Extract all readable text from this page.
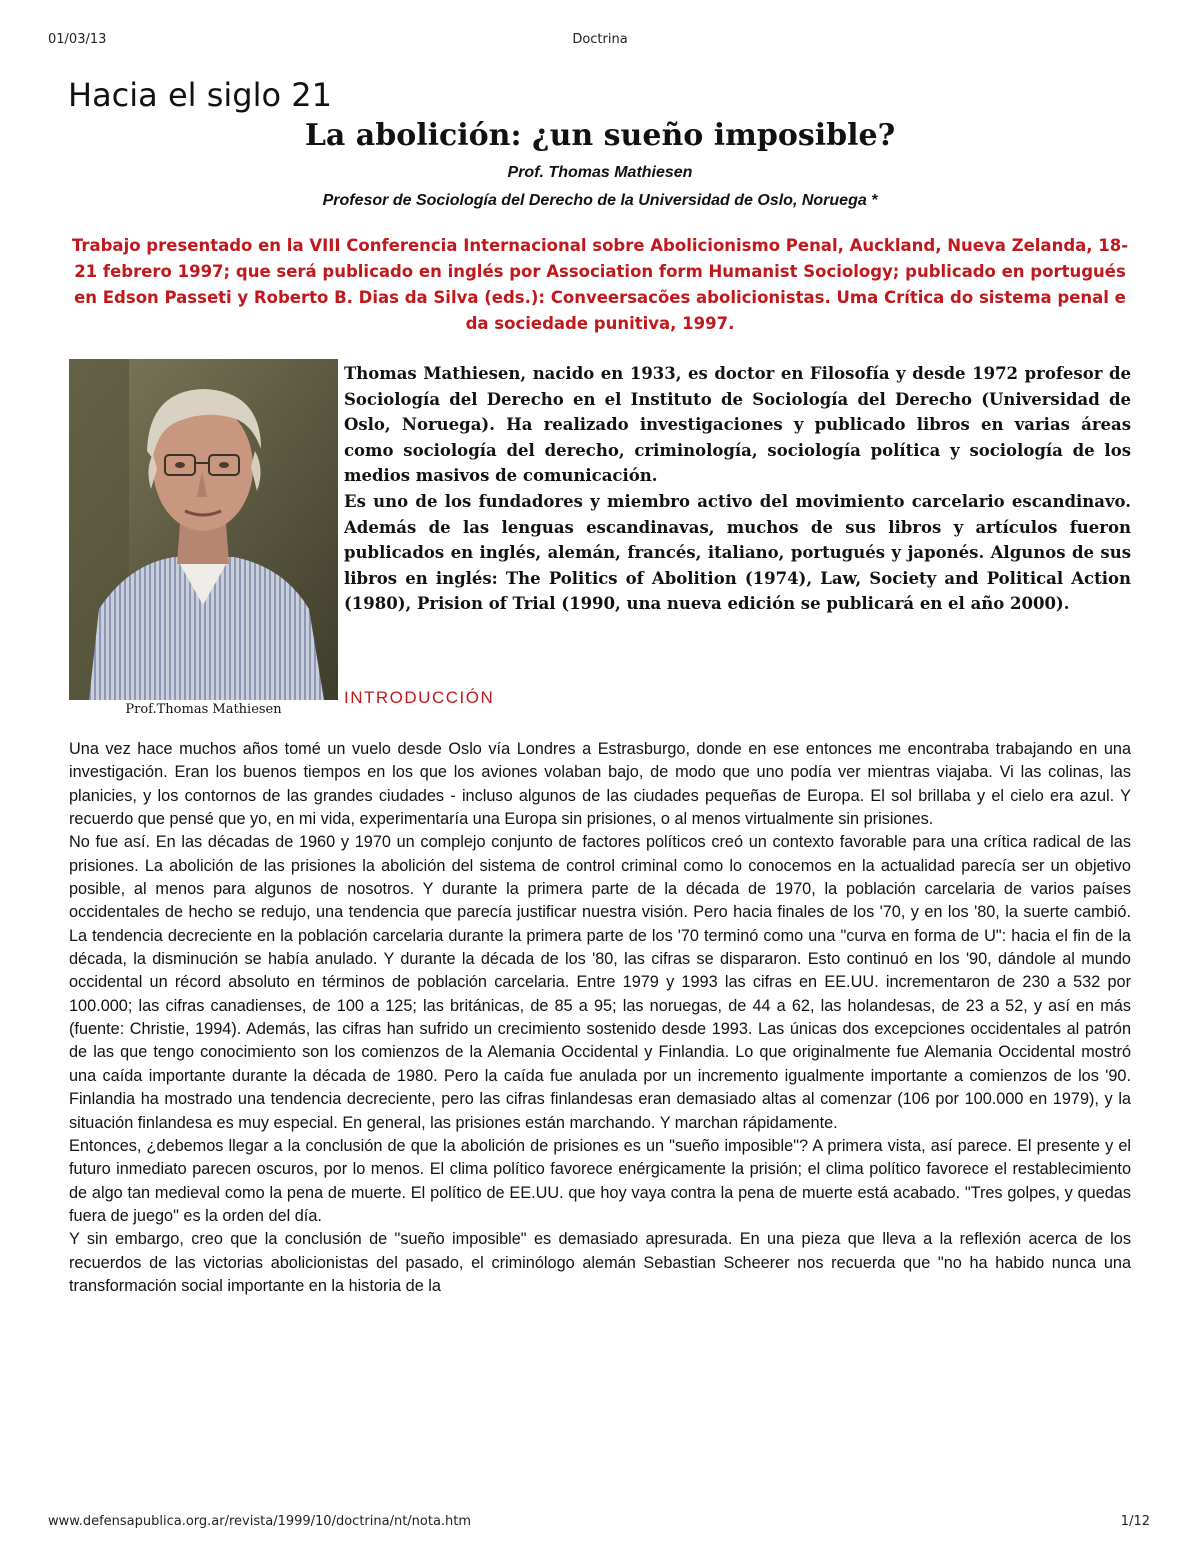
01/03/13	Doctrina
Hacia el siglo 21
La abolición: ¿un sueño imposible?
Prof. Thomas Mathiesen
Profesor de Sociología del Derecho de la Universidad de Oslo, Noruega *
Trabajo presentado en la VIII Conferencia Internacional sobre Abolicionismo Penal, Auckland, Nueva Zelanda, 18-21 febrero 1997; que será publicado en inglés por Association form Humanist Sociology; publicado en portugués en Edson Passeti y Roberto B. Dias da Silva (eds.): Conveersacões abolicionistas. Uma Crítica do sistema penal e da sociedade punitiva, 1997.
Prof.Thomas Mathiesen

Thomas Mathiesen, nacido en 1933, es doctor en Filosofía y desde 1972 profesor de Sociología del Derecho en el Instituto de Sociología del Derecho (Universidad de Oslo, Noruega). Ha realizado investigaciones y publicado libros en varias áreas como sociología del derecho, criminología, sociología política y sociología de los medios masivos de comunicación.

Es uno de los fundadores y miembro activo del movimiento carcelario escandinavo. Además de las lenguas escandinavas, muchos de sus libros y artículos fueron publicados en inglés, alemán, francés, italiano, portugués y japonés. Algunos de sus libros en inglés: The Politics of Abolition (1974), Law, Society and Political Action (1980), Prision of Trial (1990, una nueva edición se publicará en el año 2000).

INTRODUCCIÓN

Una vez hace muchos años tomé un vuelo desde Oslo vía Londres a Estrasburgo, donde en ese entonces me encontraba trabajando en una investigación. Eran los buenos tiempos en los que los aviones volaban bajo, de modo que uno podía ver mientras viajaba. Vi las colinas, las planicies, y los contornos de las grandes ciudades - incluso algunos de las ciudades pequeñas de Europa. El sol brillaba y el cielo era azul. Y recuerdo que pensé que yo, en mi vida, experimentaría una Europa sin prisiones, o al menos virtualmente sin prisiones.

No fue así. En las décadas de 1960 y 1970 un complejo conjunto de factores políticos creó un contexto favorable para una crítica radical de las prisiones. La abolición de las prisiones la abolición del sistema de control criminal como lo conocemos en la actualidad parecía ser un objetivo posible, al menos para algunos de nosotros. Y durante la primera parte de la década de 1970, la población carcelaria de varios países occidentales de hecho se redujo, una tendencia que parecía justificar nuestra visión. Pero hacia finales de los '70, y en los '80, la suerte cambió. La tendencia decreciente en la población carcelaria durante la primera parte de los '70 terminó como una "curva en forma de U": hacia el fin de la década, la disminución se había anulado. Y durante la década de los '80, las cifras se dispararon. Esto continuó en los '90, dándole al mundo occidental un récord absoluto en términos de población carcelaria. Entre 1979 y 1993 las cifras en EE.UU. incrementaron de 230 a 532 por 100.000; las cifras canadienses, de 100 a 125; las británicas, de 85 a 95; las noruegas, de 44 a 62, las holandesas, de 23 a 52, y así en más (fuente: Christie, 1994). Además, las cifras han sufrido un crecimiento sostenido desde 1993. Las únicas dos excepciones occidentales al patrón de las que tengo conocimiento son los comienzos de la Alemania Occidental y Finlandia. Lo que originalmente fue Alemania Occidental mostró una caída importante durante la década de 1980. Pero la caída fue anulada por un incremento igualmente importante a comienzos de los '90. Finlandia ha mostrado una tendencia decreciente, pero las cifras finlandesas eran demasiado altas al comenzar (106 por 100.000 en 1979), y la situación finlandesa es muy especial. En general, las prisiones están marchando. Y marchan rápidamente.

Entonces, ¿debemos llegar a la conclusión de que la abolición de prisiones es un "sueño imposible"? A primera vista, así parece. El presente y el futuro inmediato parecen oscuros, por lo menos. El clima político favorece enérgicamente la prisión; el clima político favorece el restablecimiento de algo tan medieval como la pena de muerte. El político de EE.UU. que hoy vaya contra la pena de muerte está acabado. "Tres golpes, y quedas fuera de juego" es la orden del día.

Y sin embargo, creo que la conclusión de "sueño imposible" es demasiado apresurada. En una pieza que lleva a la reflexión acerca de los recuerdos de las victorias abolicionistas del pasado, el criminólogo alemán Sebastian Scheerer nos recuerda que "no ha habido nunca una transformación social importante en la historia de la

www.defensapublica.org.ar/revista/1999/10/doctrina/nt/nota.htm	1/12
